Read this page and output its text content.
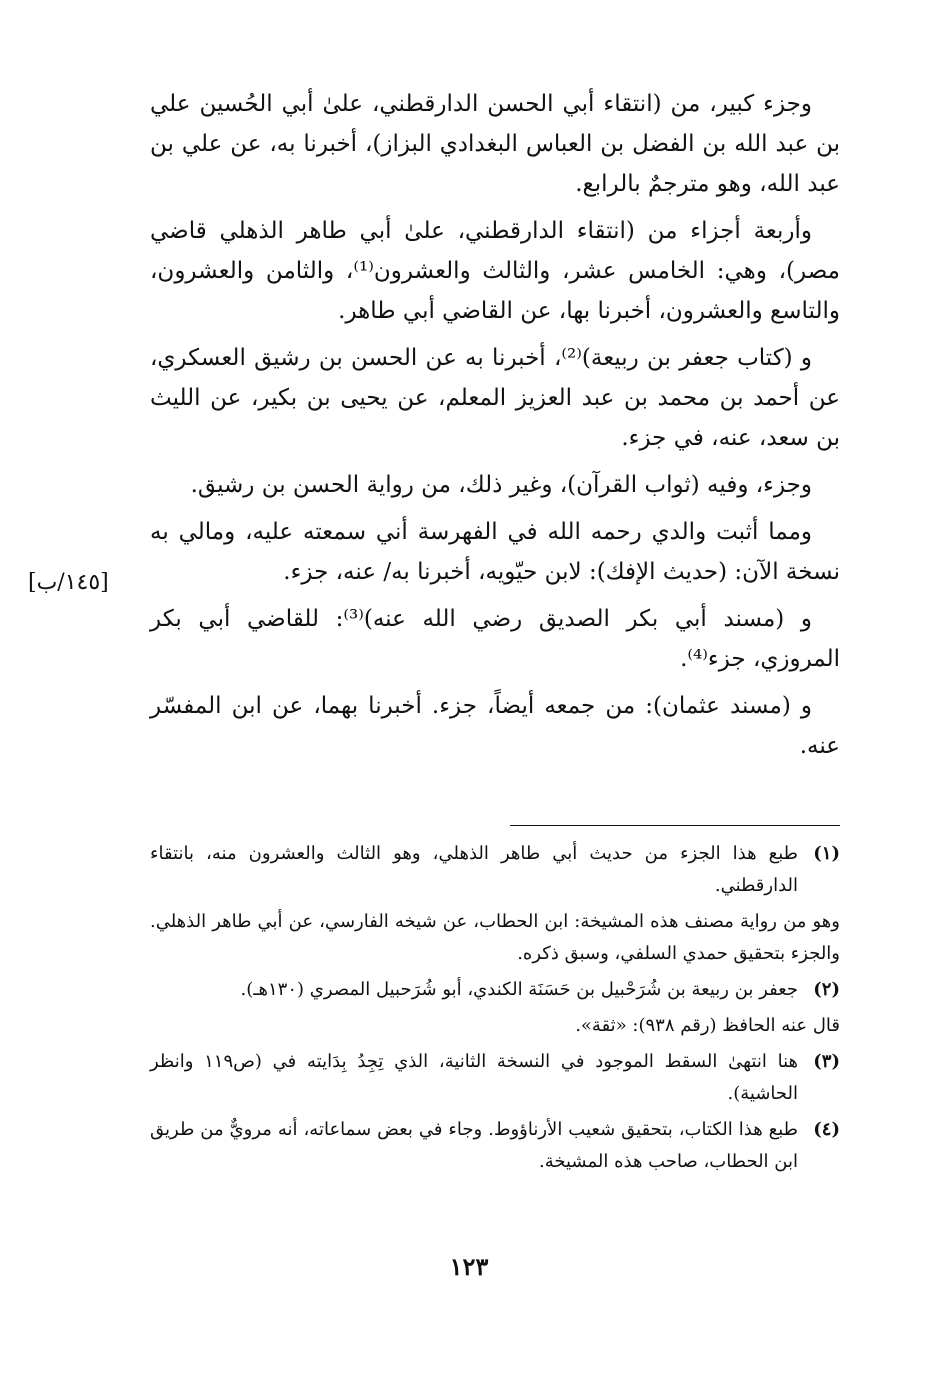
وجزء كبير، من (انتقاء أبي الحسن الدارقطني، علىٰ أبي الحُسين علي بن عبد الله بن الفضل بن العباس البغدادي البزاز)، أخبرنا به، عن علي بن عبد الله، وهو مترجمٌ بالرابع.

وأربعة أجزاء من (انتقاء الدارقطني، علىٰ أبي طاهر الذهلي قاضي مصر)، وهي: الخامس عشر، والثالث والعشرون⁽¹⁾، والثامن والعشرون، والتاسع والعشرون، أخبرنا بها، عن القاضي أبي طاهر.

و (كتاب جعفر بن ربيعة)⁽²⁾، أخبرنا به عن الحسن بن رشيق العسكري، عن أحمد بن محمد بن عبد العزيز المعلم، عن يحيى بن بكير، عن الليث بن سعد، عنه، في جزء.

وجزء، وفيه (ثواب القرآن)، وغير ذلك، من رواية الحسن بن رشيق.

ومما أثبت والدي رحمه الله في الفهرسة أني سمعته عليه، ومالي به نسخة الآن: (حديث الإفك): لابن حيّويه، أخبرنا به/ عنه، جزء.

و (مسند أبي بكر الصديق رضي الله عنه)⁽³⁾: للقاضي أبي بكر المروزي، جزء⁽⁴⁾.

و (مسند عثمان): من جمعه أيضاً، جزء. أخبرنا بهما، عن ابن المفسّر عنه.

[١٤٥/ب]
(١)
طبع هذا الجزء من حديث أبي طاهر الذهلي، وهو الثالث والعشرون منه، بانتقاء الدارقطني.
وهو من رواية مصنف هذه المشيخة: ابن الحطاب، عن شيخه الفارسي، عن أبي طاهر الذهلي. والجزء بتحقيق حمدي السلفي، وسبق ذكره.
(٢)
جعفر بن ربيعة بن شُرَحْبيل بن حَسَنَة الكندي، أبو شُرَحبيل المصري (١٣٠هـ).
قال عنه الحافظ (رقم ٩٣٨): «ثقة».
(٣)
هنا انتهىٰ السقط الموجود في النسخة الثانية، الذي تِجِدُ بِدَايته في (ص١١٩ وانظر الحاشية).
(٤)
طبع هذا الكتاب، بتحقيق شعيب الأرناؤوط. وجاء في بعض سماعاته، أنه مرويٌّ من طريق ابن الحطاب، صاحب هذه المشيخة.
١٢٣
